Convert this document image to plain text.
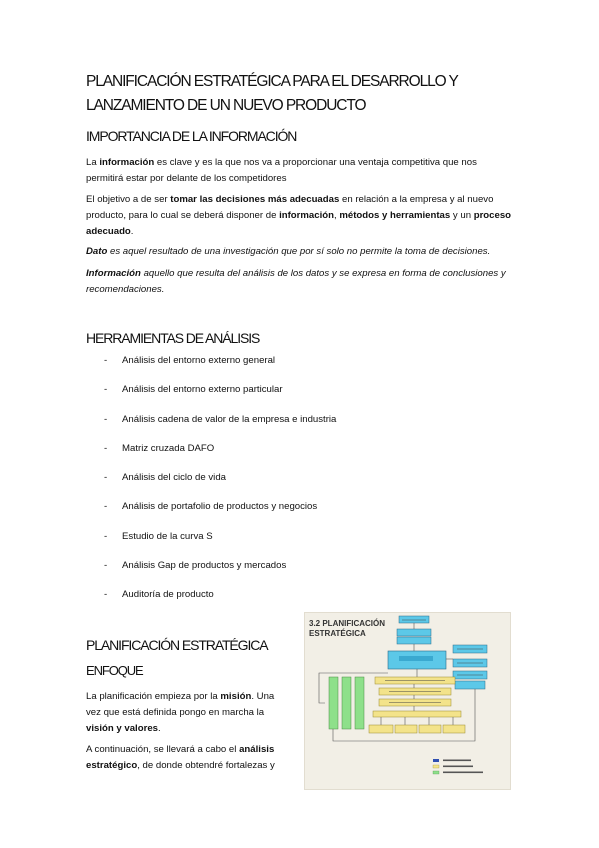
PLANIFICACIÓN ESTRATÉGICA PARA EL DESARROLLO Y LANZAMIENTO DE UN NUEVO PRODUCTO
IMPORTANCIA DE LA INFORMACIÓN
La información es clave y es la que nos va a proporcionar una ventaja competitiva que nos permitirá estar por delante de los competidores
El objetivo a de ser tomar las decisiones más adecuadas en relación a la empresa y al nuevo producto, para lo cual se deberá disponer de información, métodos y herramientas y un proceso adecuado.
Dato es aquel resultado de una investigación que por sí solo no permite la toma de decisiones.
Información aquello que resulta del análisis de los datos y se expresa en forma de conclusiones y recomendaciones.
HERRAMIENTAS DE ANÁLISIS
- Análisis del entorno externo general
- Análisis del entorno externo particular
- Análisis cadena de valor de la empresa e industria
- Matriz cruzada DAFO
- Análisis del ciclo de vida
- Análisis de portafolio de productos y negocios
- Estudio de la curva S
- Análisis Gap de productos y mercados
- Auditoría de producto
PLANIFICACIÓN ESTRATÉGICA
ENFOQUE
La planificación empieza por la misión. Una vez que está definida pongo en marcha la visión y valores.
A continuación, se llevará a cabo el análisis estratégico, de donde obtendré fortalezas y
3.2 PLANIFICACIÓN ESTRATÉGICA
